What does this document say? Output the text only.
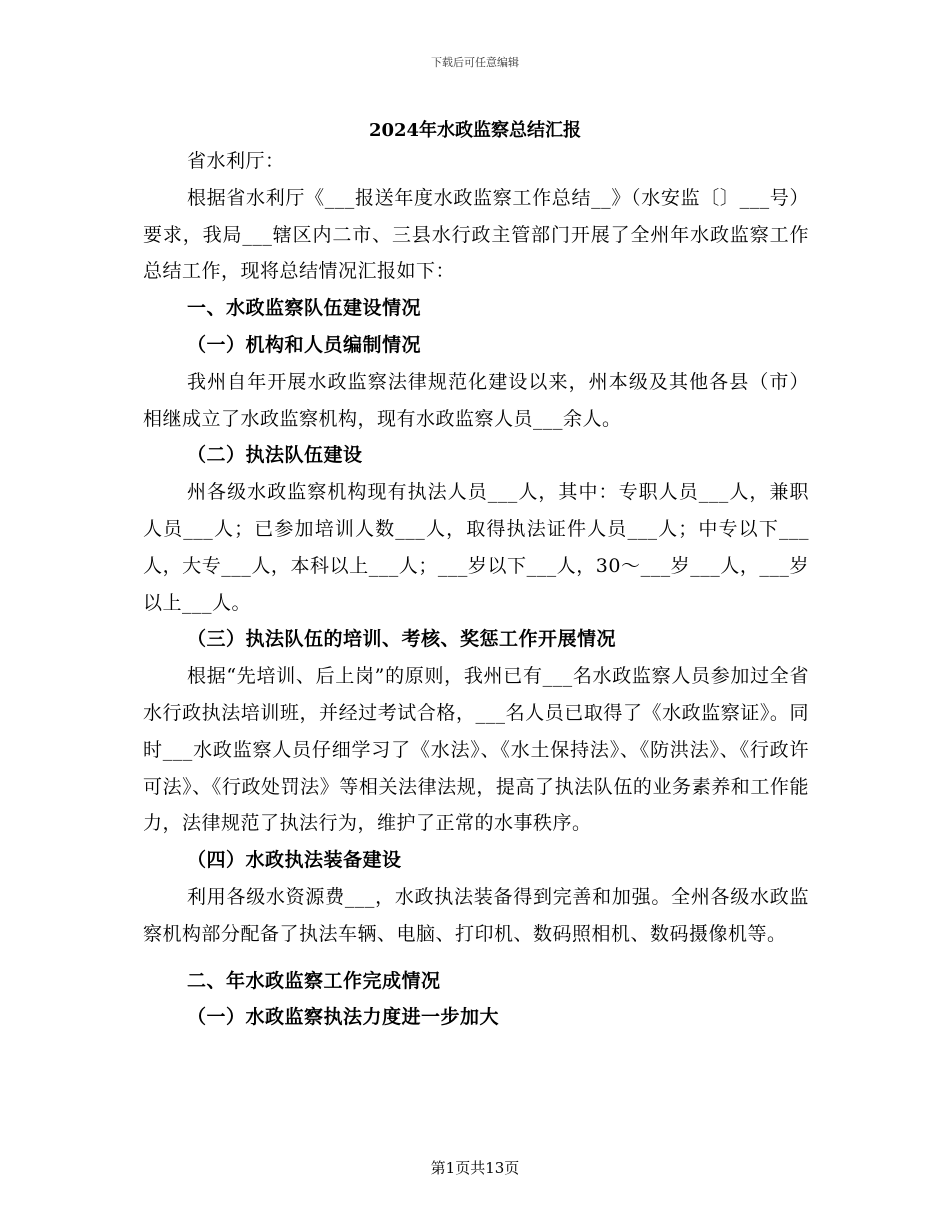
下载后可任意编辑
2024年水政监察总结汇报

省水利厅：

根据省水利厅《___报送年度水政监察工作总结__》（水安监〔〕___号）要求，我局___辖区内二市、三县水行政主管部门开展了全州年水政监察工作总结工作，现将总结情况汇报如下：

一、水政监察队伍建设情况

（一）机构和人员编制情况

我州自年开展水政监察法律规范化建设以来，州本级及其他各县（市）相继成立了水政监察机构，现有水政监察人员___余人。

（二）执法队伍建设

州各级水政监察机构现有执法人员___人，其中：专职人员___人，兼职人员___人；已参加培训人数___人，取得执法证件人员___人；中专以下___人，大专___人，本科以上___人；___岁以下___人，30～___岁___人，___岁以上___人。

（三）执法队伍的培训、考核、奖惩工作开展情况

根据“先培训、后上岗”的原则，我州已有___名水政监察人员参加过全省水行政执法培训班，并经过考试合格，___名人员已取得了《水政监察证》。同时___水政监察人员仔细学习了《水法》、《水土保持法》、《防洪法》、《行政许可法》、《行政处罚法》等相关法律法规，提高了执法队伍的业务素养和工作能力，法律规范了执法行为，维护了正常的水事秩序。

（四）水政执法装备建设

利用各级水资源费___，水政执法装备得到完善和加强。全州各级水政监察机构部分配备了执法车辆、电脑、打印机、数码照相机、数码摄像机等。

二、年水政监察工作完成情况

（一）水政监察执法力度进一步加大

第1页共13页
